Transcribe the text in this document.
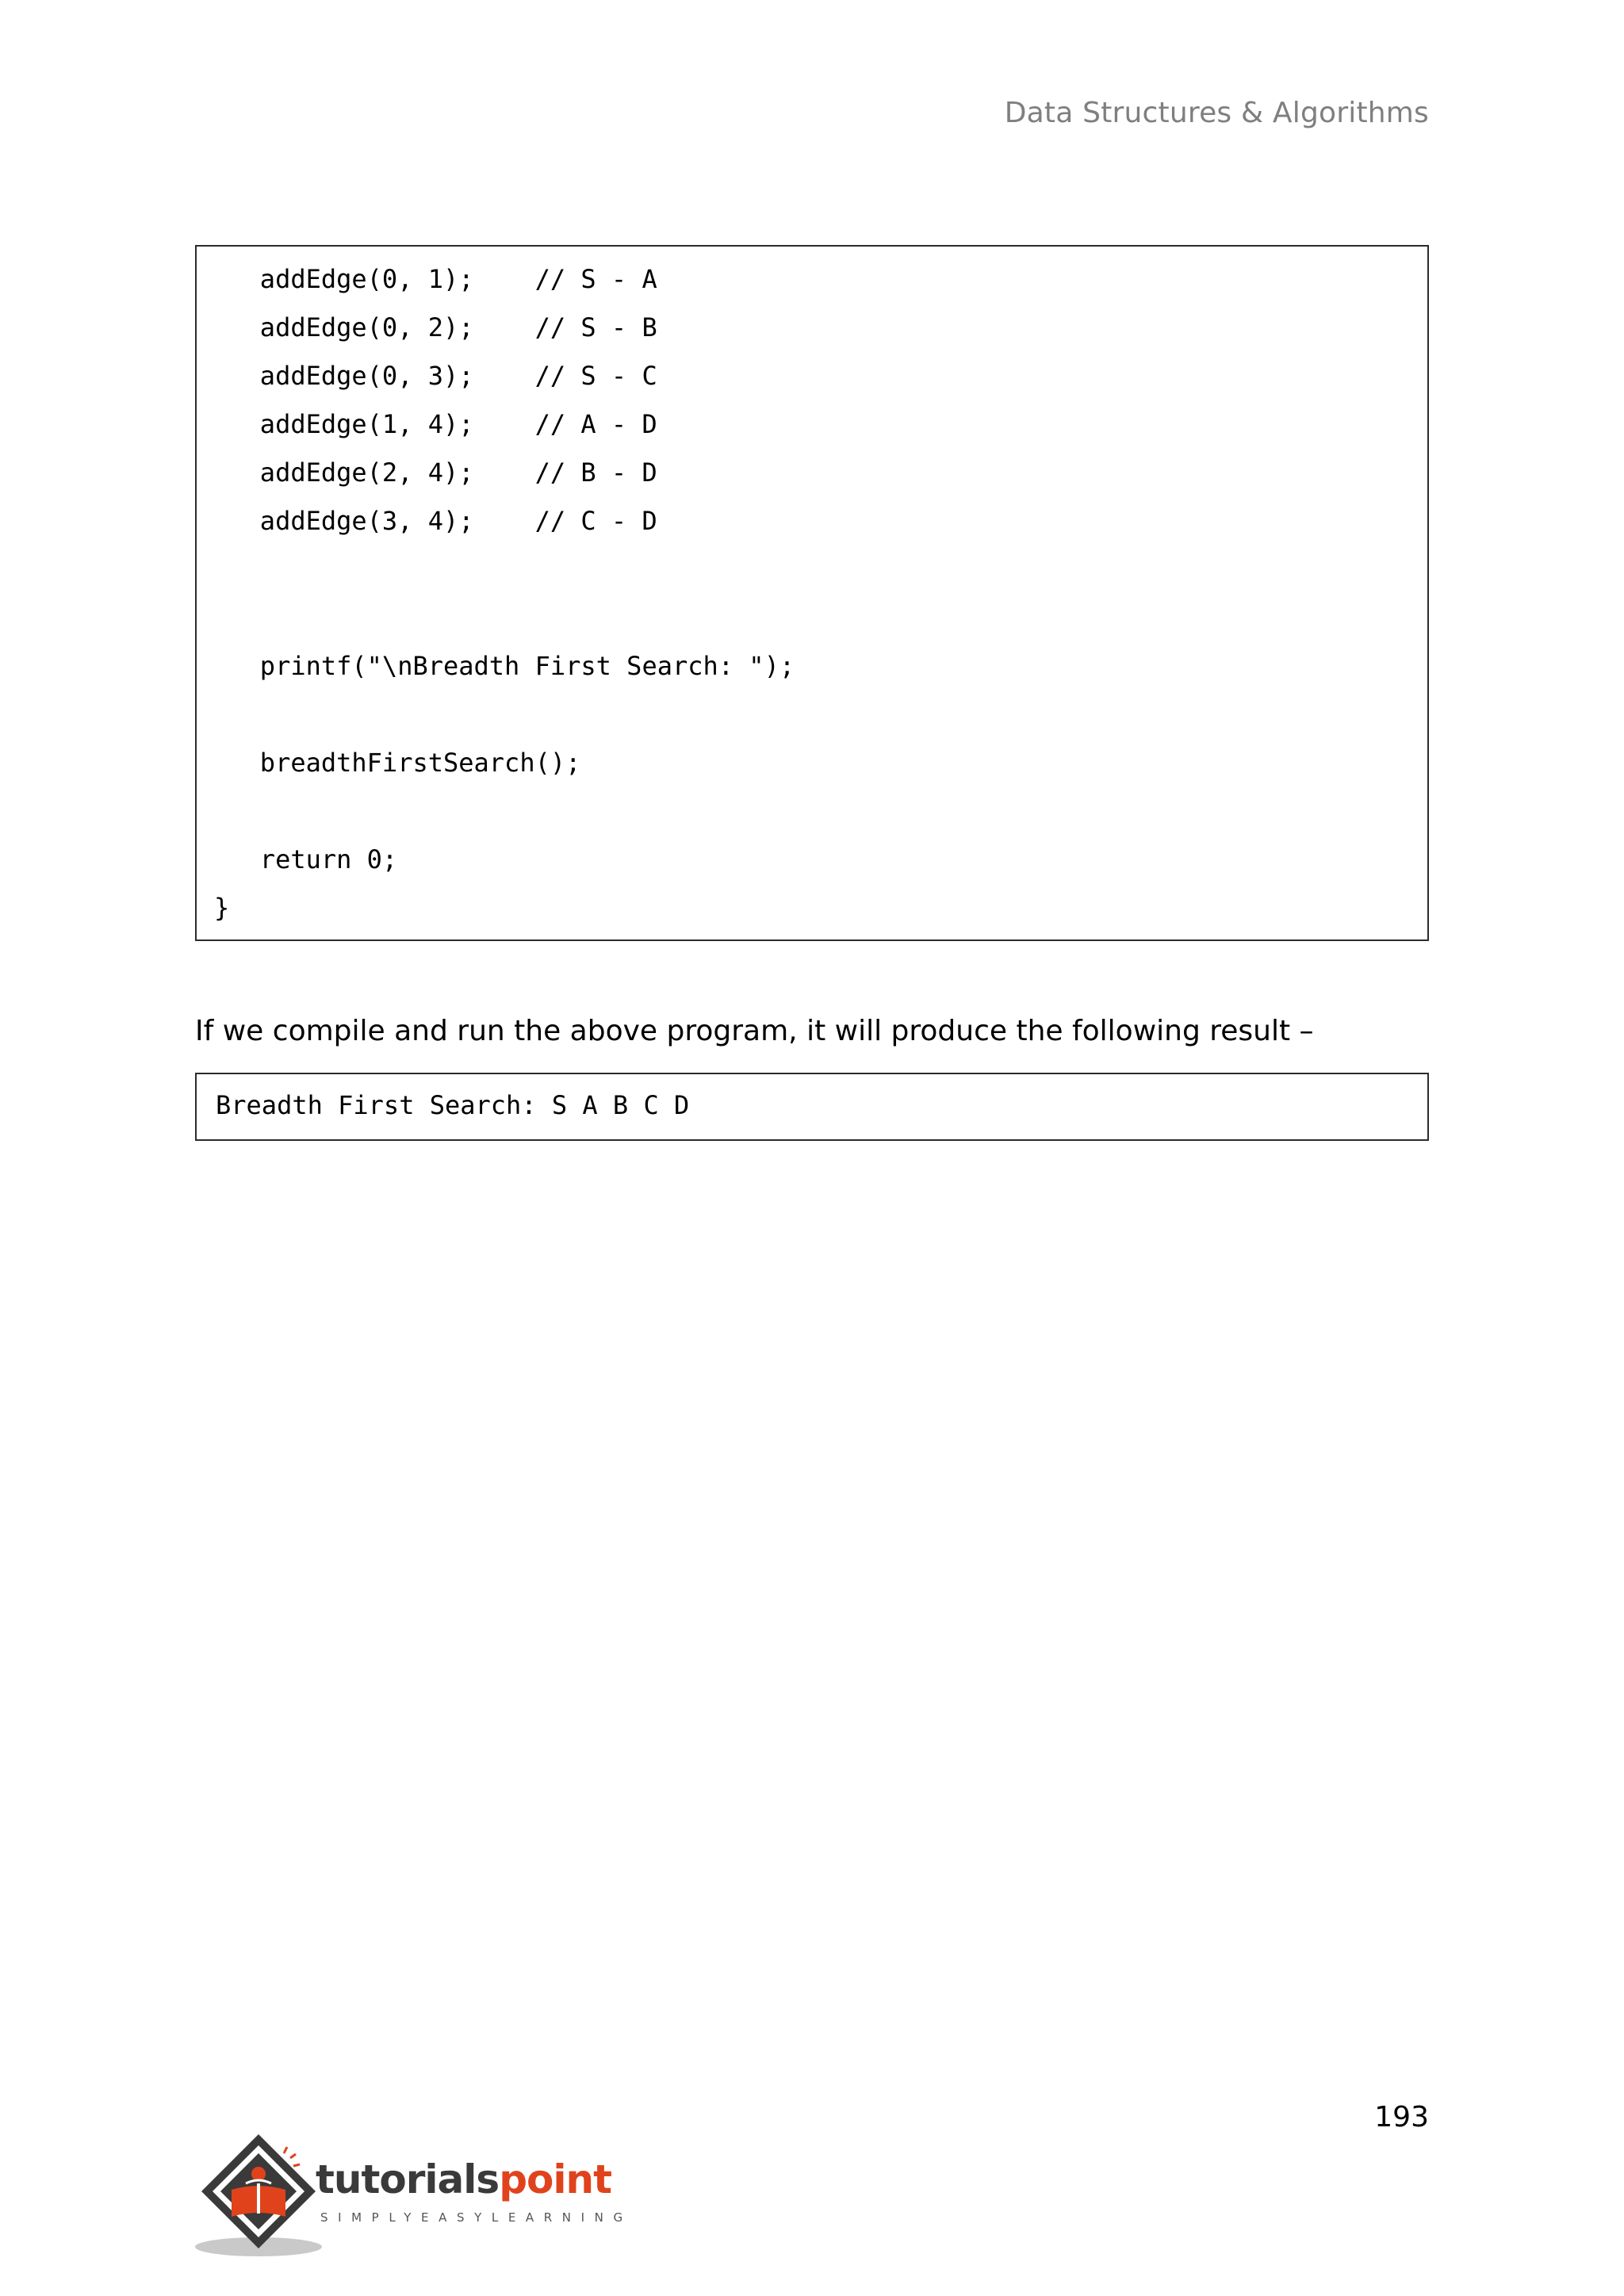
Data Structures & Algorithms
addEdge(0, 1);    // S - A
addEdge(0, 2);    // S - B
addEdge(0, 3);    // S - C
addEdge(1, 4);    // A - D
addEdge(2, 4);    // B - D
addEdge(3, 4);    // C - D
printf("\nBreadth First Search: ");
breadthFirstSearch();
return 0;
}
If we compile and run the above program, it will produce the following result –
Breadth First Search: S A B C D
193
tutorialspoint
SIMPLYEASYLEARNING
